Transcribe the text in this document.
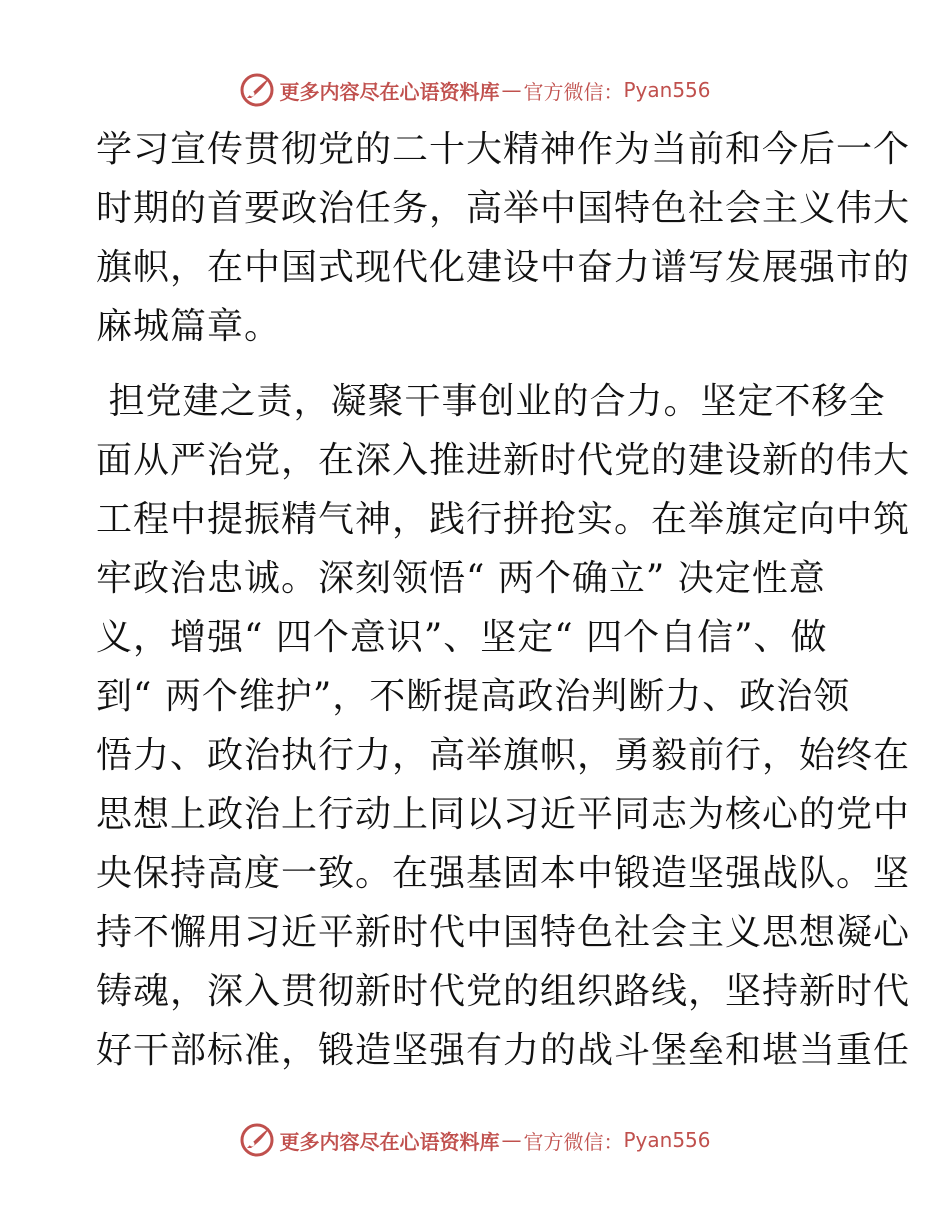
更多内容尽在心语资料库 — 官方微信： Pyan556

学习宣传贯彻党的二十大精神作为当前和今后一个
时期的首要政治任务，高举中国特色社会主义伟大
旗帜，在中国式现代化建设中奋力谱写发展强市的
麻城篇章。

担党建之责，凝聚干事创业的合力。坚定不移全
面从严治党，在深入推进新时代党的建设新的伟大
工程中提振精气神，践行拼抢实。在举旗定向中筑
牢政治忠诚。深刻领悟“ 两个确立” 决定性意
义，增强“ 四个意识”、坚定“ 四个自信”、做
到“ 两个维护”，不断提高政治判断力、政治领
悟力、政治执行力，高举旗帜，勇毅前行，始终在
思想上政治上行动上同以习近平同志为核心的党中
央保持高度一致。在强基固本中锻造坚强战队。坚
持不懈用习近平新时代中国特色社会主义思想凝心
铸魂，深入贯彻新时代党的组织路线，坚持新时代
好干部标准，锻造坚强有力的战斗堡垒和堪当重任

更多内容尽在心语资料库 — 官方微信： Pyan556
